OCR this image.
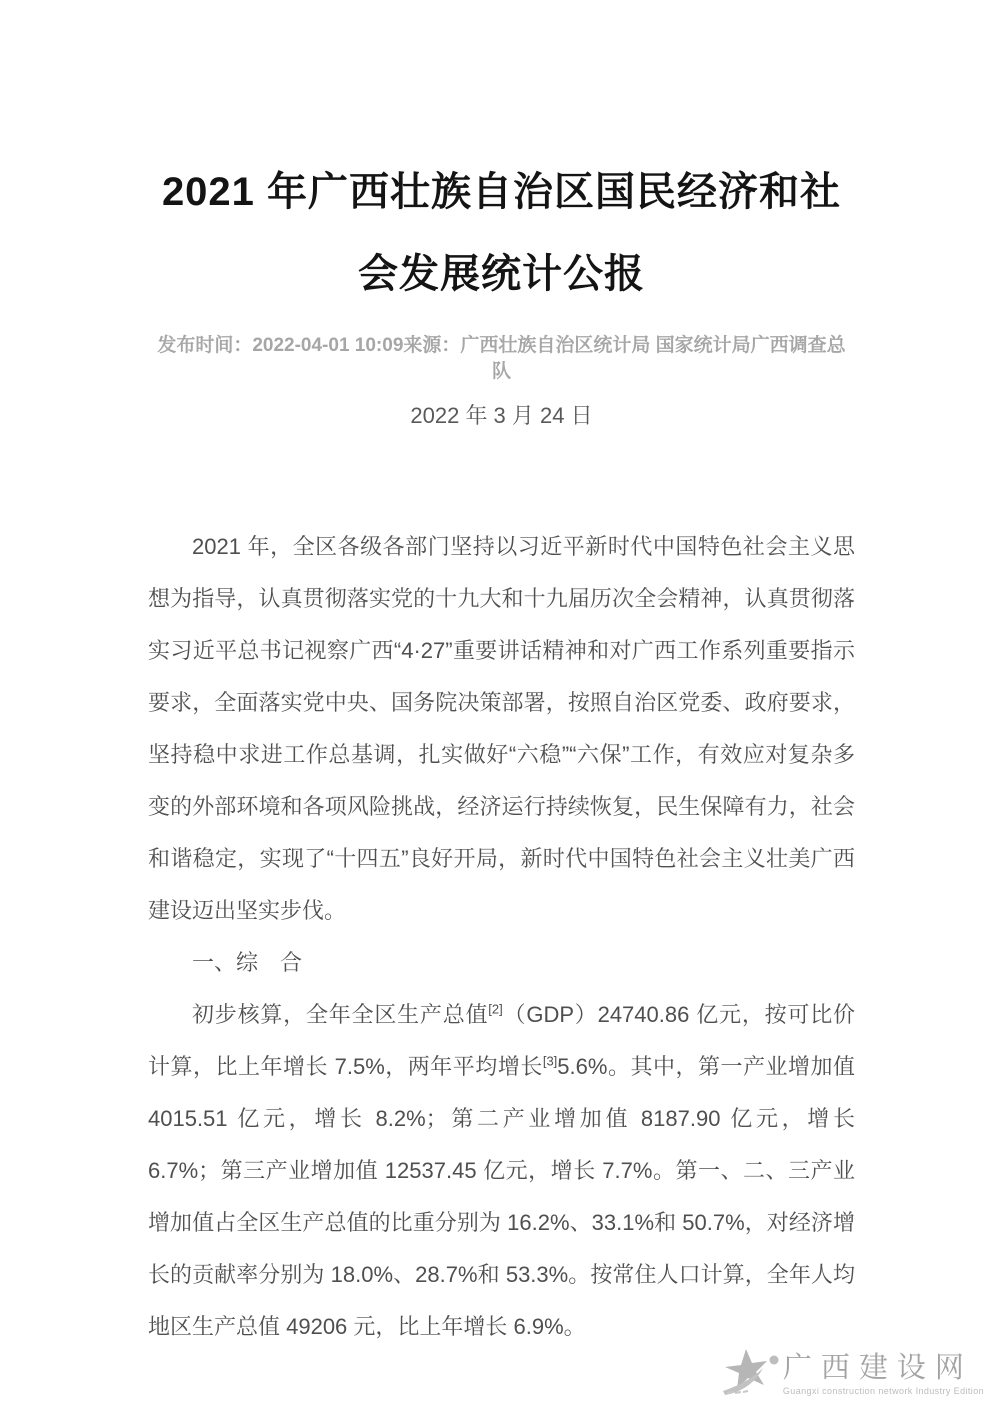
2021 年广西壮族自治区国民经济和社会发展统计公报
发布时间：2022-04-01 10:09来源：广西壮族自治区统计局 国家统计局广西调查总队
2022 年 3 月 24 日

2021 年，全区各级各部门坚持以习近平新时代中国特色社会主义思想为指导，认真贯彻落实党的十九大和十九届历次全会精神，认真贯彻落实习近平总书记视察广西“4·27”重要讲话精神和对广西工作系列重要指示要求，全面落实党中央、国务院决策部署，按照自治区党委、政府要求，坚持稳中求进工作总基调，扎实做好“六稳”“六保”工作，有效应对复杂多变的外部环境和各项风险挑战，经济运行持续恢复，民生保障有力，社会和谐稳定，实现了“十四五”良好开局，新时代中国特色社会主义壮美广西建设迈出坚实步伐。

一、综　合

初步核算，全年全区生产总值[2]（GDP）24740.86 亿元，按可比价计算，比上年增长 7.5%，两年平均增长[3]5.6%。其中，第一产业增加值 4015.51 亿元，增长 8.2%；第二产业增加值 8187.90 亿元，增长 6.7%；第三产业增加值 12537.45 亿元，增长 7.7%。第一、二、三产业增加值占全区生产总值的比重分别为 16.2%、33.1%和 50.7%，对经济增长的贡献率分别为 18.0%、28.7%和 53.3%。按常住人口计算，全年人均地区生产总值 49206 元，比上年增长 6.9%。

广西建设网
Guangxi construction network Industry Edition
